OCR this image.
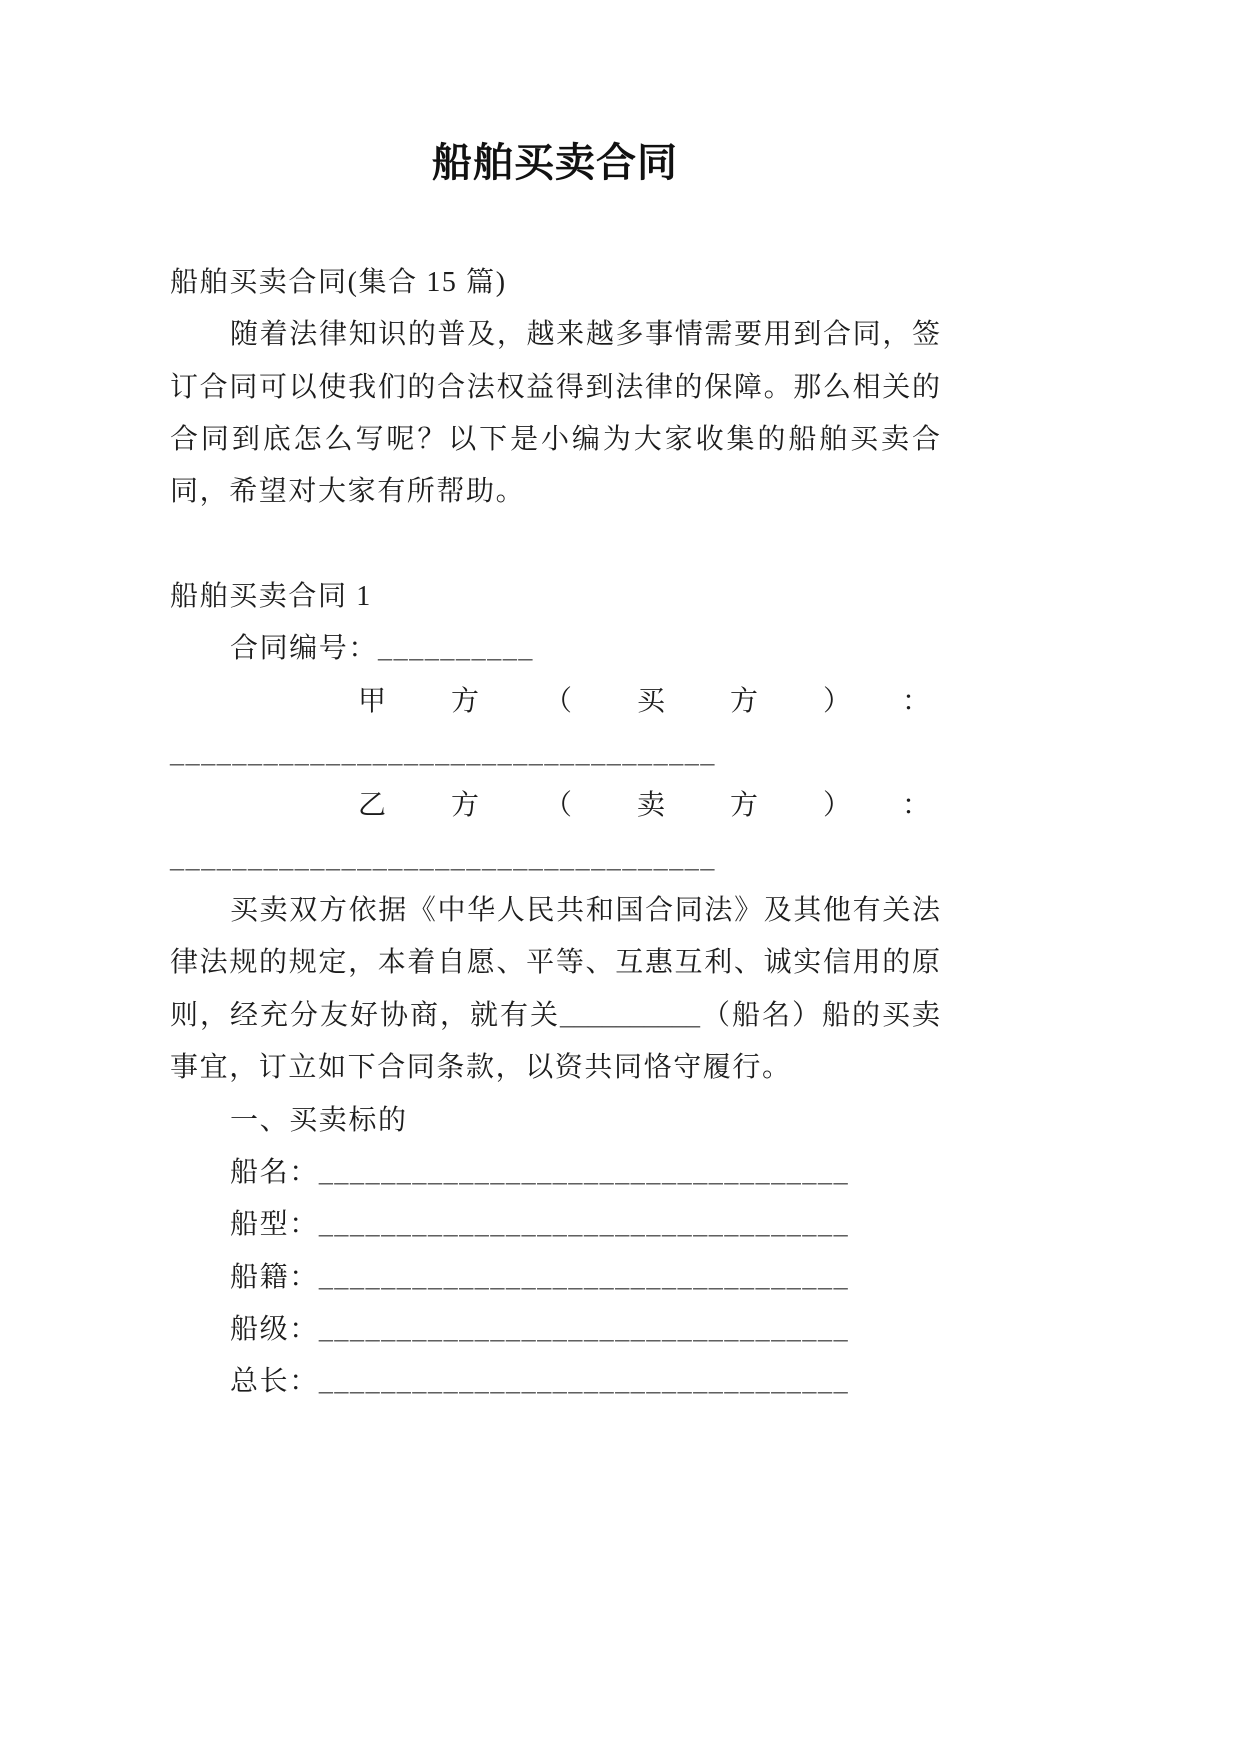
船舶买卖合同
船舶买卖合同(集合 15 篇)
随着法律知识的普及，越来越多事情需要用到合同，签
订合同可以使我们的合法权益得到法律的保障。那么相关的
合同到底怎么写呢？以下是小编为大家收集的船舶买卖合
同，希望对大家有所帮助。
船舶买卖合同 1
合同编号：__________
甲方（买方）：
___________________________________
乙方（卖方）：
___________________________________
买卖双方依据《中华人民共和国合同法》及其他有关法
律法规的规定，本着自愿、平等、互惠互利、诚实信用的原
则，经充分友好协商，就有关__________（船名）船的买卖
事宜，订立如下合同条款，以资共同恪守履行。
一、买卖标的
船名：__________________________________
船型：__________________________________
船籍：__________________________________
船级：__________________________________
总长：__________________________________
